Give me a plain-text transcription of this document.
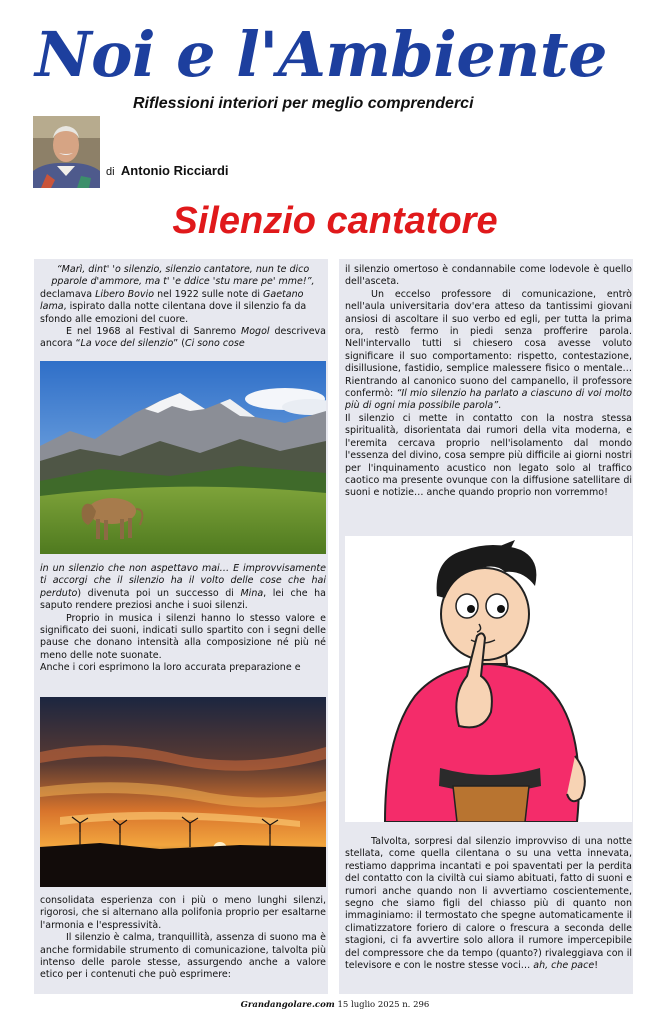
Noi e l'Ambiente
Riflessioni interiori per meglio comprenderci
di Antonio Ricciardi
Silenzio cantatore

“Marì, dint' 'o silenzio, silenzio cantatore, nun te dico

pparole d'ammore, ma t' 'e ddice 'stu mare pe' mme!”,

declamava Libero Bovio nel 1922 sulle note di Gaetano

lama, ispirato dalla notte cilentana dove il silenzio fa da

sfondo alle emozioni del cuore.

E nel 1968 al Festival di Sanremo Mogol descriveva ancora “La voce del silenzio” (Ci sono cose

in un silenzio che non aspettavo mai… E improvvisamente ti accorgi che il silenzio ha il volto delle cose che hai perduto) divenuta poi un successo di Mina, lei che ha saputo rendere preziosi anche i suoi silenzi.

Proprio in musica i silenzi hanno lo stesso valore e significato dei suoni, indicati sullo spartito con i segni delle pause che donano intensità alla composizione né più né meno delle note suonate.

Anche i cori esprimono la loro accurata preparazione e

consolidata esperienza con i più o meno lunghi silenzi, rigorosi, che si alternano alla polifonia proprio per esaltarne l'armonia e l'espressività.

Il silenzio è calma, tranquillità, assenza di suono ma è anche formidabile strumento di comunicazione, talvolta più intenso delle parole stesse, assurgendo anche a valore etico per i contenuti che può esprimere:

il silenzio omertoso è condannabile come lodevole è quello dell'asceta.

Un eccelso professore di comunicazione, entrò nell'aula universitaria dov'era atteso da tantissimi giovani ansiosi di ascoltare il suo verbo ed egli, per tutta la prima ora, restò fermo in piedi senza profferire parola. Nell'intervallo tutti si chiesero cosa avesse voluto significare il suo comportamento: rispetto, contestazione, disillusione, fastidio, semplice malessere fisico o mentale… Rientrando al canonico suono del campanello, il professore confermò: “Il mio silenzio ha parlato a ciascuno di voi molto più di ogni mia possibile parola”.

Il silenzio ci mette in contatto con la nostra stessa spiritualità, disorientata dai rumori della vita moderna, e l'eremita cercava proprio nell'isolamento dal mondo l'essenza del divino, cosa sempre più difficile ai giorni nostri per l'inquinamento acustico non legato solo al traffico caotico ma presente ovunque con la diffusione satellitare di suoni e notizie… anche quando proprio non vorremmo!

Talvolta, sorpresi dal silenzio improvviso di una notte stellata, come quella cilentana o su una vetta innevata, restiamo dapprima incantati e poi spaventati per la perdita del contatto con la civiltà cui siamo abituati, fatto di suoni e rumori anche quando non li avvertiamo coscientemente, segno che siamo figli del chiasso più di quanto non immaginiamo: il termostato che spegne automaticamente il climatizzatore foriero di calore o frescura a seconda delle stagioni, ci fa avvertire solo allora il rumore impercepibile del compressore che da tempo (quanto?) rivaleggiava con il televisore e con le nostre stesse voci… ah, che pace!

Grandangolare.com 15 luglio 2025 n. 296
